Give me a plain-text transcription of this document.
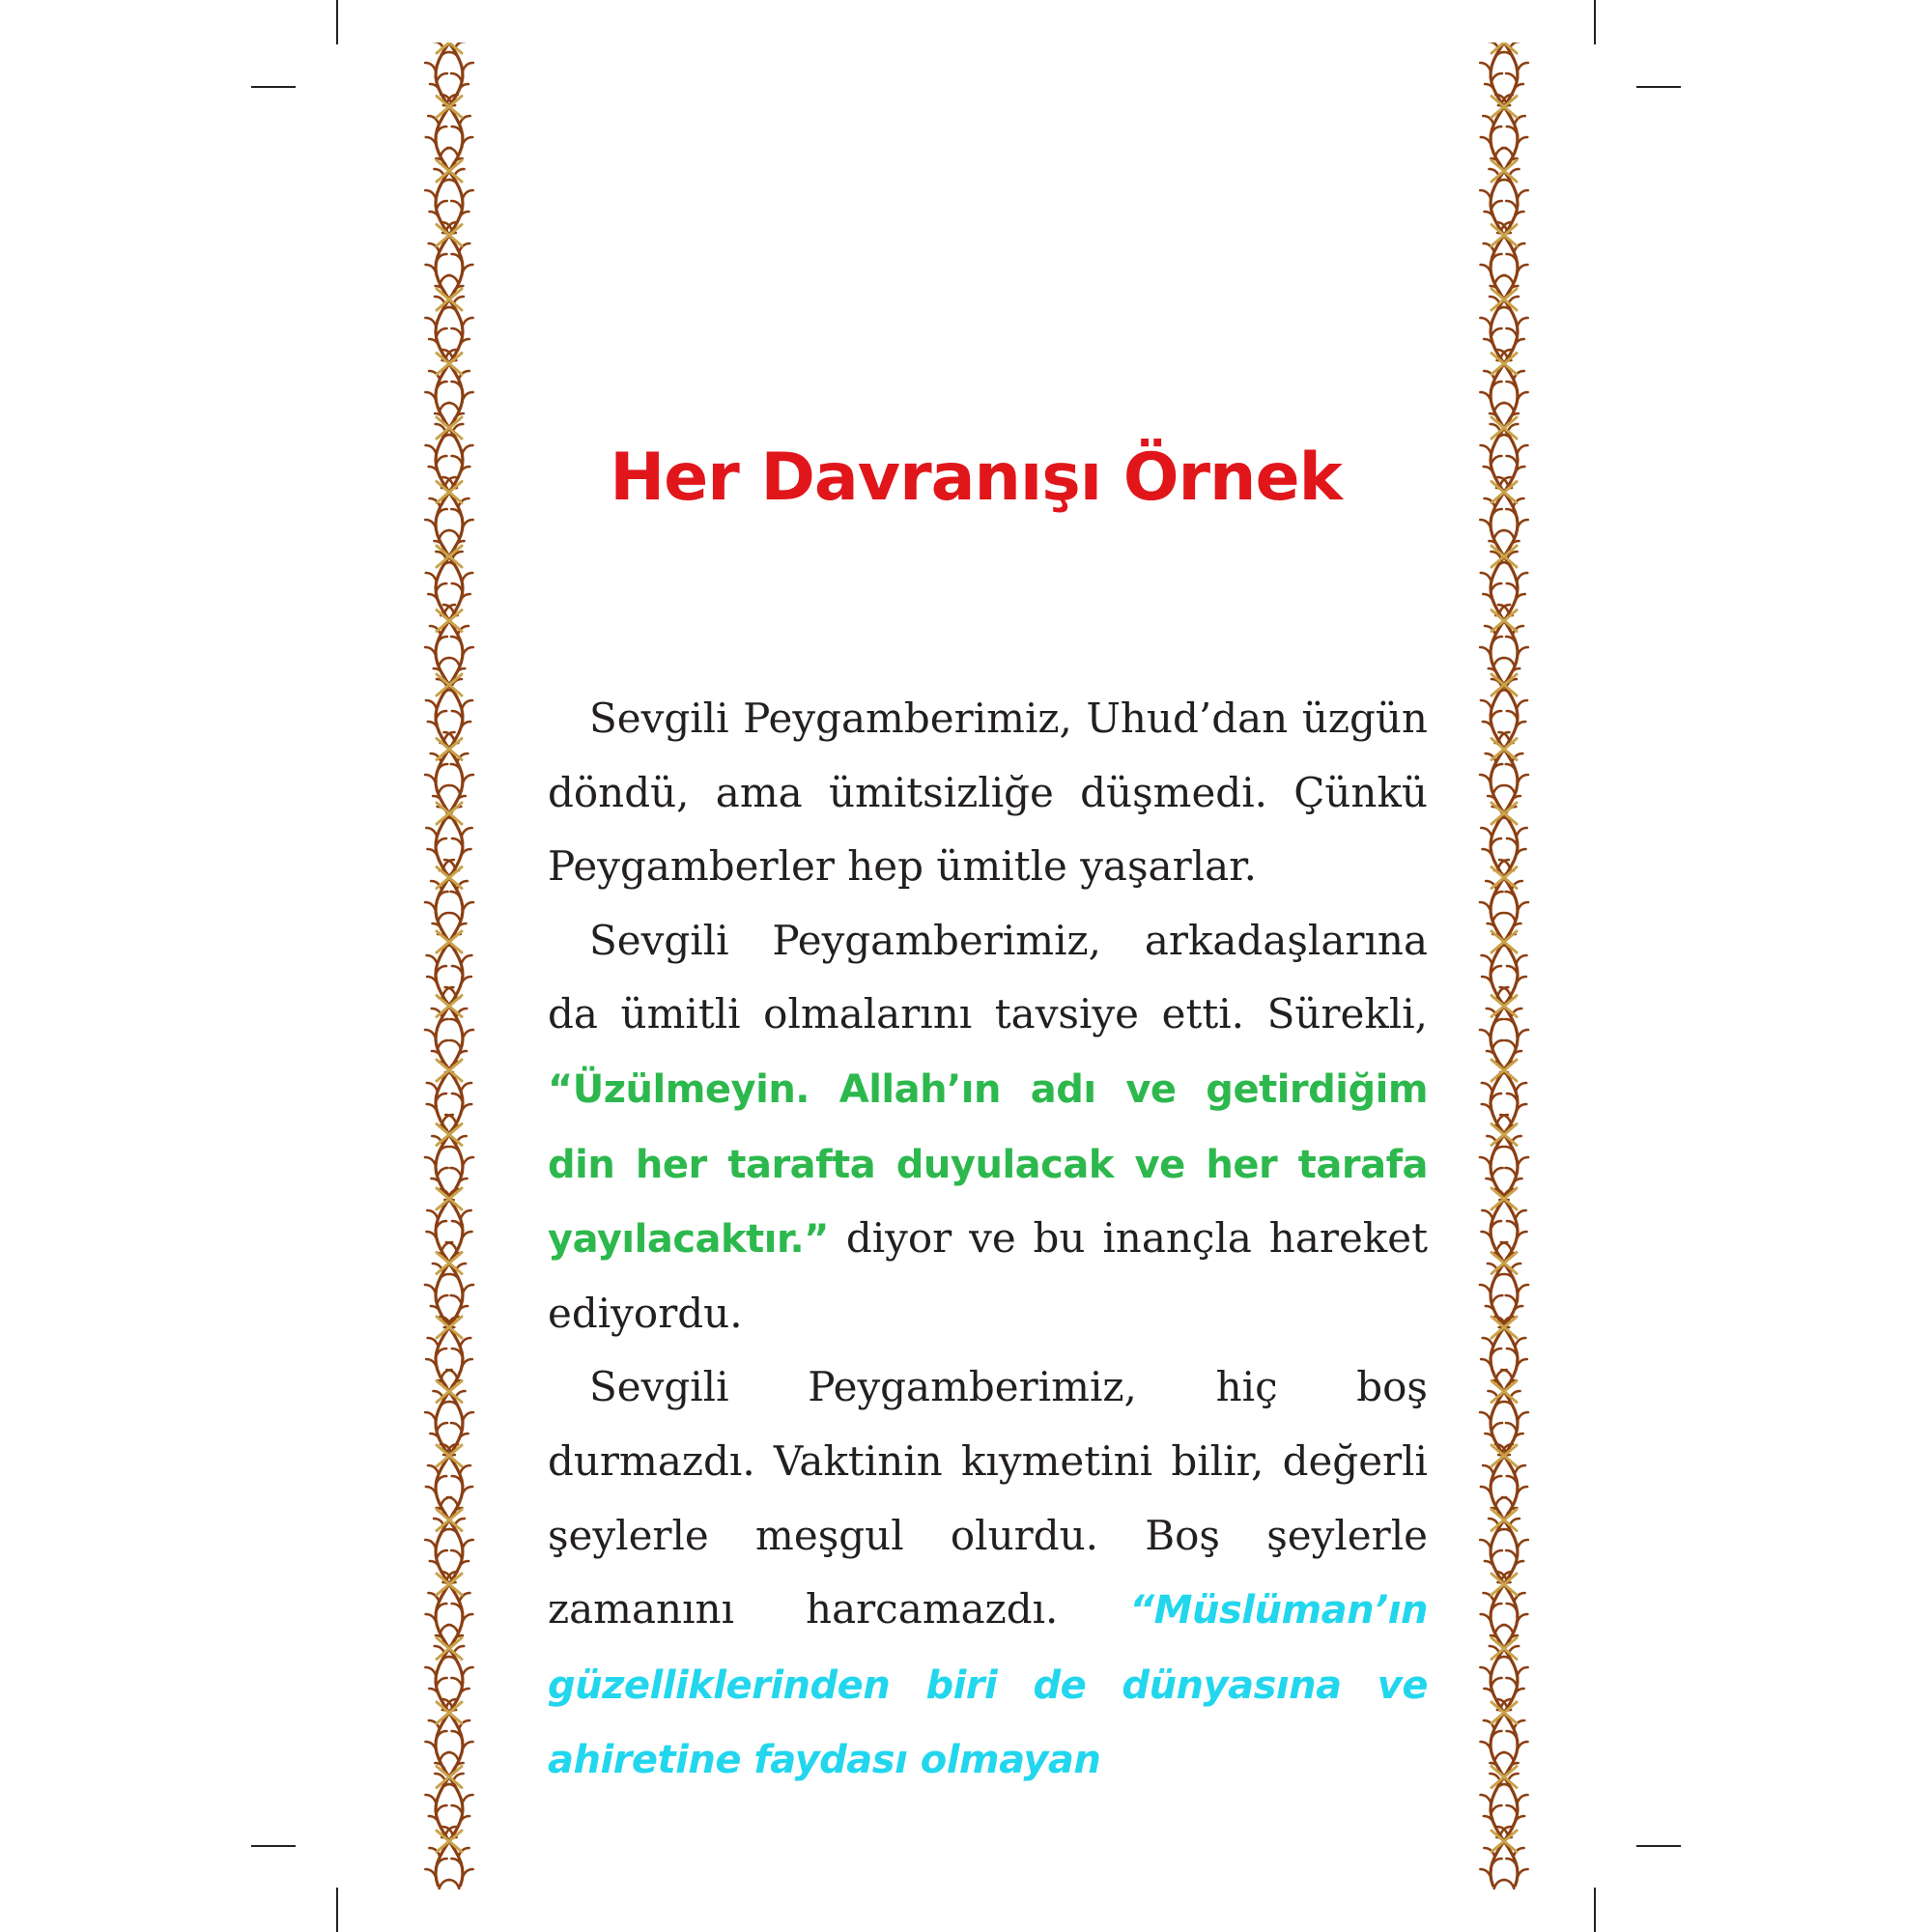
Her Davranışı Örnek

Sevgili Peygamberimiz, Uhud’dan üzgün döndü, ama ümitsizliğe düşmedi. Çünkü Peygamberler hep ümitle yaşarlar.

Sevgili Peygamberimiz, arkadaşlarına da ümitli olmalarını tavsiye etti. Sürekli, “Üzülmeyin. Allah’ın adı ve getirdiğim din her tarafta duyulacak ve her tarafa yayılacaktır.” diyor ve bu inançla hareket ediyordu.

Sevgili Peygamberimiz, hiç boş durmazdı. Vaktinin kıymetini bilir, değerli şeylerle meşgul olurdu. Boş şeylerle zamanını harcamazdı. “Müslüman’ın güzelliklerinden biri de dünyasına ve ahiretine faydası olmayan
